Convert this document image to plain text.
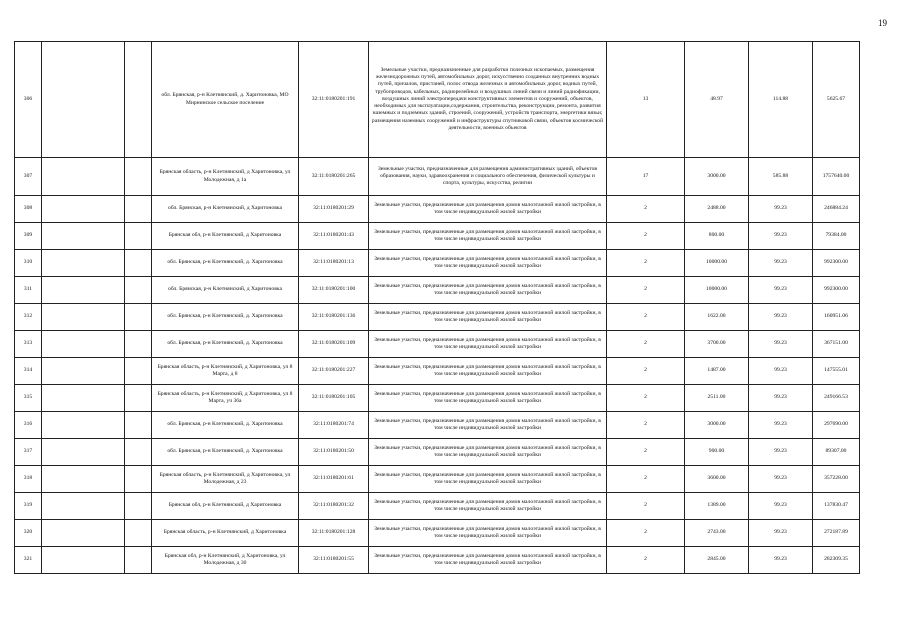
19
306			обл. Брянская, р-н Клетнянский, д. Харитоновка, МО Мирнинское сельское поселение	32:11:0180201:191	Земельные участки, предназначенные для разработки полезных ископаемых, размещения железнодорожных путей, автомобильных дорог, искусственно созданных внутренних водных путей, причалов, пристаней, полос отвода железных и автомобильных дорог, водных путей, трубопроводов, кабельных, радиорелейных и воздушных линий связи и линий радиофикации, воздушных линий электропередачи конструктивных элементов и сооружений, объектов, необходимых для эксплуатации,содержания, строительства, реконструкции, ремонта, развития наземных и подземных зданий, строений, сооружений, устройств транспорта, энергетики вязьи; размещения наземных сооружений и инфраструктуры спутниковой связи, объектов космической деятельности, военных объектов	13	48.97	114.88	5625.67
307			Брянская область, р-н Клетнянский, д Харитоновка, ул Молодежная, д 1а	32:11:0180201:265	Земельные участки, предназначенные для размещения административных зданий, объектов образования, науки, здравоохранения и социального обеспечения, физической культуры и спорта, культуры, искусства, религии	17	3000.00	585.88	1757640.00
308			обл. Брянская, р-н Клетнянский, д Харитоновка	32:11:0180201:29	Земельные участки, предназначенные для размещения домов малоэтажной жилой застройки, в том числе индивидуальной жилой застройки	2	2488.00	99.23	246884.24
309			Брянская обл, р-н Клетнянский, д Харитоновка	32:11:0180201:43	Земельные участки, предназначенные для размещения домов малоэтажной жилой застройки, в том числе индивидуальной жилой застройки	2	800.00	99.23	79384.00
310			обл. Брянская, р-н Клетнянский, д. Харитоновка	32:11:0180201:13	Земельные участки, предназначенные для размещения домов малоэтажной жилой застройки, в том числе индивидуальной жилой застройки	2	10000.00	99.23	992300.00
311			обл. Брянская, р-н Клетнянский, д Харитоновка	32:11:0180201:100	Земельные участки, предназначенные для размещения домов малоэтажной жилой застройки, в том числе индивидуальной жилой застройки	2	10000.00	99.23	992300.00
312			обл. Брянская, р-н Клетнянский, д. Харитоновка	32:11:0180201:136	Земельные участки, предназначенные для размещения домов малоэтажной жилой застройки, в том числе индивидуальной жилой застройки	2	1622.00	99.23	160951.06
313			обл. Брянская, р-н Клетнянский, д. Харитоновка	32:11:0180201:109	Земельные участки, предназначенные для размещения домов малоэтажной жилой застройки, в том числе индивидуальной жилой застройки	2	3700.00	99.23	367151.00
314			Брянская область, р-н Клетнянский, д Харитоновка, ул 8 Марта, д 8	32:11:0180201:227	Земельные участки, предназначенные для размещения домов малоэтажной жилой застройки, в том числе индивидуальной жилой застройки	2	1487.00	99.23	147555.01
315			Брянская область, р-н Клетнянский, д Харитоновка, ул 8 Марта, уч 36а	32:11:0180201:105	Земельные участки, предназначенные для размещения домов малоэтажной жилой застройки, в том числе индивидуальной жилой застройки	2	2511.00	99.23	249166.53
316			обл. Брянская, р-н Клетнянский, д. Харитоновка	32:11:0180201:74	Земельные участки, предназначенные для размещения домов малоэтажной жилой застройки, в том числе индивидуальной жилой застройки	2	3000.00	99.23	297690.00
317			обл. Брянская, р-н Клетнянский, д. Харитоновка	32:11:0180201:50	Земельные участки, предназначенные для размещения домов малоэтажной жилой застройки, в том числе индивидуальной жилой застройки	2	900.00	99.23	89307.00
318			Брянская область, р-н Клетнянский, д Харитоновка, ул Молодежная, д 23	32:11:0180201:61	Земельные участки, предназначенные для размещения домов малоэтажной жилой застройки, в том числе индивидуальной жилой застройки	2	3600.00	99.23	357228.00
319			Брянская обл, р-н Клетнянский, д Харитоновка	32:11:0180201:32	Земельные участки, предназначенные для размещения домов малоэтажной жилой застройки, в том числе индивидуальной жилой застройки	2	1389.00	99.23	137830.47
320			Брянская область, р-н Клетнянский, д Харитоновка	32:11:0180201:128	Земельные участки, предназначенные для размещения домов малоэтажной жилой застройки, в том числе индивидуальной жилой застройки	2	2743.00	99.23	272187.89
321			Брянская обл, р-н Клетнянский, д Харитоновка, ул Молодежная, д 30	32:11:0180201:55	Земельные участки, предназначенные для размещения домов малоэтажной жилой застройки, в том числе индивидуальной жилой застройки	2	2845.00	99.23	282309.35
